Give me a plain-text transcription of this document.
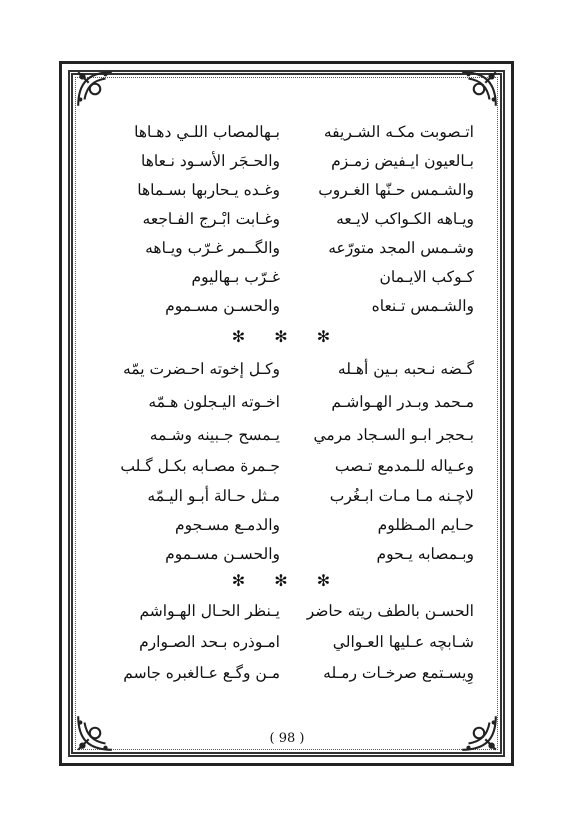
اتـصوبت مكـه الشـريفه
بـهالمصاب اللـي دهـاها
بـالعيون ايـفيض زمـزم
والحـجَر الأسـود نـعاها
والشـمس حـنّها الغـروب
وغـده يـحاربها بسـماها
ويـاهه الكـواكب لايـعه
وغـابت ابْـرج الفـاجعه
وشـمس المجد متورّعه
والگــمر غـرّب ويـاهه
كـوكب الايـمان
غـرّب بـهاليوم
والشـمس تـنعاه
والحسـن مسـموم
✻ ✻ ✻
گـضه نـحبه بـين أهـله
وكـل إخوته احـضرت يمّه
مـحمد وبـدر الهـواشـم
اخـوته اليـجلون هـمّه
بـحجر ابـو السـجاد مرمي
يـمسح جـبينه وشـمه
وعـياله للـمدمع تـصب
جـمرة مصـابه بكـل گـلب
لاچـنه مـا مـات ابـغُرب
مـثل حـالة أبـو اليـمّه
حـايم المـظلوم
والدمـع مسـجوم
وبـمصابه يـحوم
والحسـن مسـموم
✻ ✻ ✻
الحسـن بالطف ريته حاضر
يـنظر الحـال الهـواشم
شـابچه عـليها العـوالي
امـوذره بـحد الصـوارم
وِيسـتمع صرخـات رمـله
مـن وگـع عـالغبره جاسم
( 98 )
